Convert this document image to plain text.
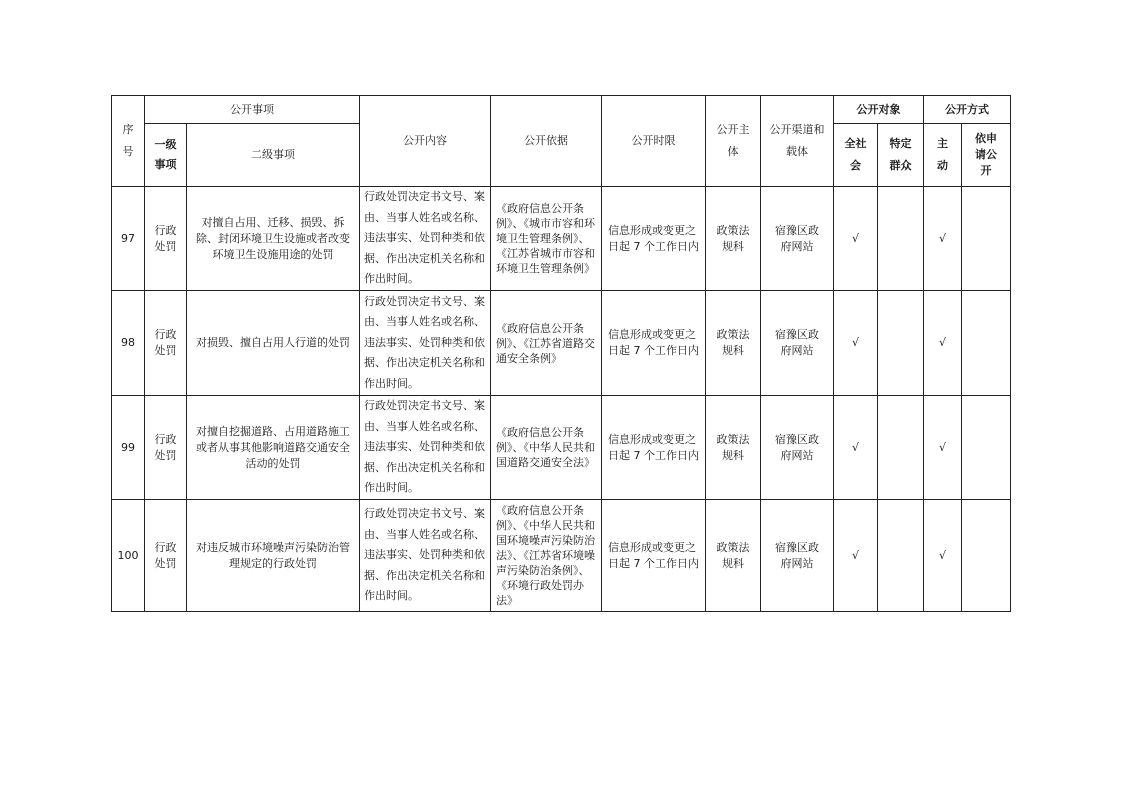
序号	公开事项		公开内容	公开依据	公开时限	公开主体	公开渠道和载体	公开对象		公开方式	
	一级事项	二级事项						全社会	特定群众	主动	依申请公开
97	行政处罚	对擅自占用、迁移、损毁、拆除、封闭环境卫生设施或者改变环境卫生设施用途的处罚	行政处罚决定书文号、案由、当事人姓名或名称、违法事实、处罚种类和依据、作出决定机关名称和作出时间。	《政府信息公开条例》、《城市市容和环境卫生管理条例》、《江苏省城市市容和环境卫生管理条例》	信息形成或变更之日起 7 个工作日内	政策法规科	宿豫区政府网站	√		√	
98	行政处罚	对损毁、擅自占用人行道的处罚	行政处罚决定书文号、案由、当事人姓名或名称、违法事实、处罚种类和依据、作出决定机关名称和作出时间。	《政府信息公开条例》、《江苏省道路交通安全条例》	信息形成或变更之日起 7 个工作日内	政策法规科	宿豫区政府网站	√		√	
99	行政处罚	对擅自挖掘道路、占用道路施工或者从事其他影响道路交通安全活动的处罚	行政处罚决定书文号、案由、当事人姓名或名称、违法事实、处罚种类和依据、作出决定机关名称和作出时间。	《政府信息公开条例》、《中华人民共和国道路交通安全法》	信息形成或变更之日起 7 个工作日内	政策法规科	宿豫区政府网站	√		√	
100	行政处罚	对违反城市环境噪声污染防治管理规定的行政处罚	行政处罚决定书文号、案由、当事人姓名或名称、违法事实、处罚种类和依据、作出决定机关名称和作出时间。	《政府信息公开条例》、《中华人民共和国环境噪声污染防治法》、《江苏省环境噪声污染防治条例》、《环境行政处罚办法》	信息形成或变更之日起 7 个工作日内	政策法规科	宿豫区政府网站	√		√	
